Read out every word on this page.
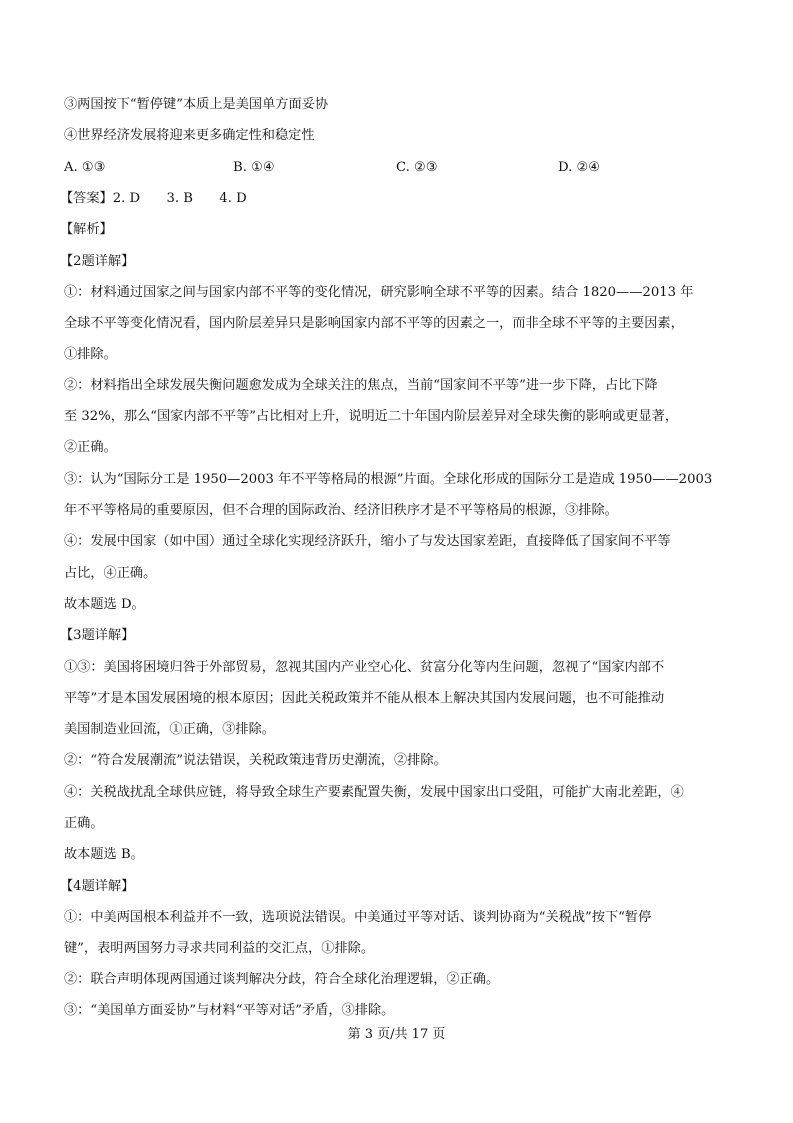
③两国按下“暂停键”本质上是美国单方面妥协
④世界经济发展将迎来更多确定性和稳定性
A. ①③	B. ①④	C. ②③	D. ②④
【答案】2. D　　3. B　　4. D
【解析】
【2题详解】
①：材料通过国家之间与国家内部不平等的变化情况，研究影响全球不平等的因素。结合 1820——2013 年
全球不平等变化情况看，国内阶层差异只是影响国家内部不平等的因素之一，而非全球不平等的主要因素，
①排除。
②：材料指出全球发展失衡问题愈发成为全球关注的焦点，当前“国家间不平等”进一步下降，占比下降
至 32%，那么“国家内部不平等”占比相对上升，说明近二十年国内阶层差异对全球失衡的影响或更显著，
②正确。
③：认为“国际分工是 1950—2003 年不平等格局的根源”片面。全球化形成的国际分工是造成 1950——2003
年不平等格局的重要原因，但不合理的国际政治、经济旧秩序才是不平等格局的根源，③排除。
④：发展中国家（如中国）通过全球化实现经济跃升，缩小了与发达国家差距，直接降低了国家间不平等
占比，④正确。
故本题选 D。
【3题详解】
①③：美国将困境归咎于外部贸易，忽视其国内产业空心化、贫富分化等内生问题，忽视了“国家内部不
平等”才是本国发展困境的根本原因；因此关税政策并不能从根本上解决其国内发展问题，也不可能推动
美国制造业回流，①正确，③排除。
②：“符合发展潮流”说法错误，关税政策违背历史潮流，②排除。
④：关税战扰乱全球供应链，将导致全球生产要素配置失衡，发展中国家出口受阻，可能扩大南北差距，④
正确。
故本题选 B。
【4题详解】
①：中美两国根本利益并不一致，选项说法错误。中美通过平等对话、谈判协商为“关税战”按下“暂停
键”，表明两国努力寻求共同利益的交汇点，①排除。
②：联合声明体现两国通过谈判解决分歧，符合全球化治理逻辑，②正确。
③：“美国单方面妥协”与材料“平等对话”矛盾，③排除。
第 3 页/共 17 页
